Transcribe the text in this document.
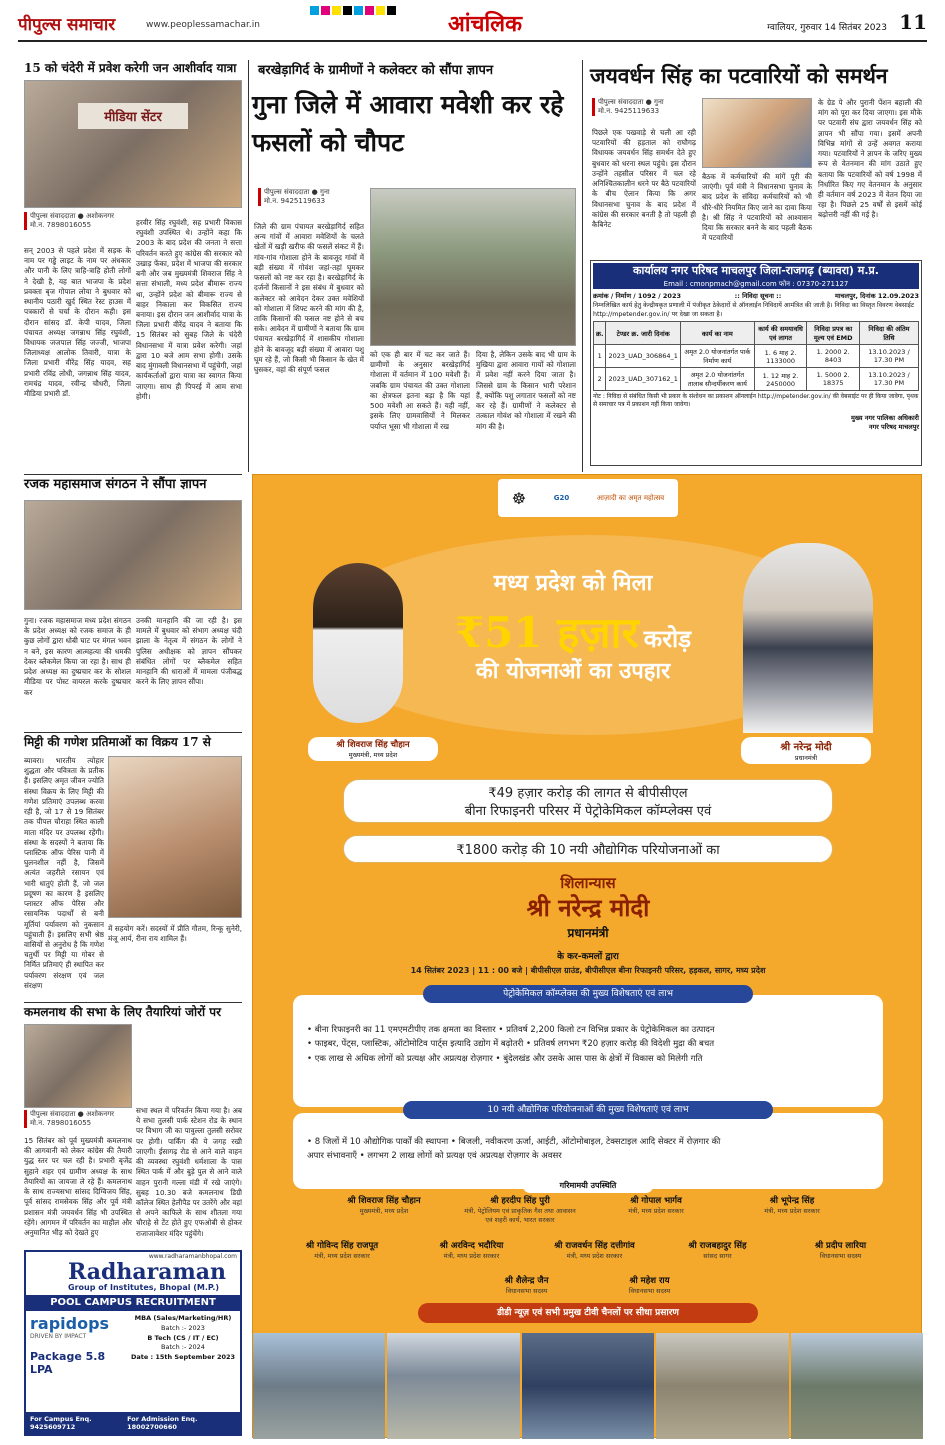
पीपुल्स समाचार	www.peoplessamachar.in	आंचलिक	ग्वालियर, गुरुवार 14 सितंबर 2023 11
15 को चंदेरी में प्रवेश करेगी जन आशीर्वाद यात्रा
मीडिया सेंटर
पीपुल्स संवाददाता ● अशोकनगर
मो.न. 7898016055
सन् 2003 से पहले प्रदेश में सड़क के नाम पर गड्ढे लाइट के नाम पर अंधकार और पानी के लिए त्राहि-त्राहि होती लोगों ने देखी है, यह बात भाजपा के प्रदेश प्रवक्ता बृज गोपाल लोया ने बुधवार को स्थानीय पठारी खुर्द स्थित रेस्ट हाउस में पत्रकारों से चर्चा के दौरान कही। इस दौरान सांसद डॉ. केपी यादव, जिला पंचायत अध्यक्ष जगन्नाथ सिंह रघुवंशी, विधायक जजपाल सिंह जज्जी, भाजपा जिलाध्यक्ष आलोक तिवारी, यात्रा के जिला प्रभारी वीरेंद्र सिंह यादव, सह प्रभारी रविंद्र लोधी, जगन्नाथ सिंह यादव, रामचंद्र यादव, रवीन्द्र चौधरी, जिला मीडिया प्रभारी डॉ.
हरवीर सिंह रघुवंशी, सह प्रभारी विकास रघुवंशी उपस्थित थे। उन्होंने कहा कि 2003 के बाद प्रदेश की जनता ने सत्ता परिवर्तन करते हुए कांग्रेस की सरकार को उखाड़ फेंका, प्रदेश में भाजपा की सरकार बनी और जब मुख्यमंत्री शिवराज सिंह ने सत्ता संभाली, मध्य प्रदेश बीमारू राज्य था, उन्होंने प्रदेश को बीमारू राज्य से बाहर निकाला कर विकसित राज्य बनाया। इस दौरान जन आशीर्वाद यात्रा के जिला प्रभारी वीरेंद्र यादव ने बताया कि 15 सितंबर को सुबह जिले के चंदेरी विधानसभा में यात्रा प्रवेश करेगी। जहां द्वारा 10 बजे आम सभा होगी। उसके बाद मुंगावली विधानसभा में पहुंचेगी, जहां कार्यकर्ताओं द्वारा यात्रा का स्वागत किया जाएगा। साथ ही पिपरई में आम सभा होगी।
रजक महासमाज संगठन ने सौंपा ज्ञापन
गुना। रजक महासमाज मध्य प्रदेश संगठन के प्रदेश अध्यक्ष को रजक समाज के ही कुछ लोगों द्वारा धोबी घाट पर मंगल भवन न बने, इस कारण आत्महत्या की धमकी देकर ब्लैकमेल किया जा रहा है। साथ ही प्रदेश अध्यक्ष का दुष्प्रचार कर के सोशल मीडिया पर पोस्ट वायरल करके दुष्प्रचार कर
उनकी मानहानि की जा रही है। इस मामले में बुधवार को संभाग अध्यक्ष चंदी झाला के नेतृत्व में संगठन के लोगों ने पुलिस अधीक्षक को ज्ञापन सौंपकर संबंधित लोगों पर ब्लैकमेल सहित मानहानि की धाराओं में मामला पंजीबद्ध करने के लिए ज्ञापन सौंपा।
मिट्टी की गणेश प्रतिमाओं का विक्रय 17 से
ब्यावरा। भारतीय त्योहार शुद्धता और पवित्रता के प्रतीक हैं। इसलिए अमृत जीवन ज्योति संस्था विक्रय के लिए मिट्टी की गणेश प्रतिमाएं उपलब्ध करवा रही है, जो 17 से 19 सितंबर तक पीपल चौराहा स्थित काली माता मंदिर पर उपलब्ध रहेंगी। संस्था के सदस्यों ने बताया कि प्लास्टिक ऑफ पेरिस पानी में घुलनशील नहीं है, जिसमें अत्यंत जहरीले रसायन एवं भारी धातुएं होती हैं, जो जल प्रदूषण का कारण है इसलिए प्लास्टर ऑफ पेरिस और रसायनिक पदार्थों से बनी मूर्तियां पर्यावरण को नुकसान पहुंचाती हैं। इसलिए सभी श्रेष्ठ वासियों से अनुरोध है कि गणेश चतुर्थी पर मिट्टी या गोबर से निर्मित प्रतिमाएं ही स्थापित कर पर्यावरण संरक्षण एवं जल संरक्षण
में सहयोग करें। सदस्यों में प्रीति गौतम, रिन्कू सुनेरी, मंजू आर्य, रीना राय शामिल हैं।
कमलनाथ की सभा के लिए तैयारियां जोरों पर
पीपुल्स संवाददाता ● अशोकनगर
मो.न. 7898016055
15 सितंबर को पूर्व मुख्यमंत्री कमलनाथ की आगवानी को लेकर कांग्रेस की तैयारी युद्ध स्तर पर चल रही है। प्रभारी बृजेंद्र सुहाने शहर एवं ग्रामीण अध्यक्ष के साथ तैयारियों का जायजा ले रहे हैं। कमलनाथ के साथ राज्यसभा सांसद दिग्विजय सिंह, पूर्व सांसद रामसेवक सिंह और पूर्व मंत्री प्रशासन मंत्री जयवर्धन सिंह भी उपस्थित रहेंगे। आगमन में परिवर्तन का माहौल और अनुमानित भीड़ को देखते हुए
सभा स्थल में परिवर्तन किया गया है। अब ये सभा तुलसी पार्क स्टेशन रोड के स्थान पर विभाग जी का पावुल्ला तुलसी सरोवर पर होगी। पार्किंग की ये जगह रखी जाएगी। ईसागढ़ रोड से आने वाले वाहन की व्यवस्था रघुवंशी धर्मशाला के पास स्थित पार्क में और बुड़े पुल से आने वाले वाहन पुरानी गल्ला मंडी में रखे जाएंगे। सुबह 10.30 बजे कमलनाथ डिग्री कॉलेज स्थित हेलीपैड पर उतरेंगे और वहां से अपने काफिले के साथ शीतला गया चौराहे से टेंट होते हुए एफओबी से होकर राजाजावेशर मंदिर पहुंचेंगे।
www.radharamanbhopal.com
Radharaman
Group of Institutes, Bhopal (M.P.)
POOL CAMPUS RECRUITMENT
rapidops
DRIVEN BY IMPACT
Package 5.8 LPA
MBA (Sales/Marketing/HR)
Batch :- 2023
B Tech (CS / IT / EC)
Batch :- 2024
Date : 15th September 2023
For Campus Enq. 9425609712
For Admission Enq. 18002700660
बरखेड़ागिर्द के ग्रामीणों ने कलेक्टर को सौंपा ज्ञापन
गुना जिले में आवारा मवेशी कर रहे फसलों को चौपट
पीपुल्स संवाददाता ● गुना
मो.न. 9425119633
जिले की ग्राम पंचायत बरखेड़ागिर्द सहित अन्य गांवों में आवारा मवेशियों के चलते खेतों में खड़ी खरीफ की फसलें संकट में हैं। गांव-गांव गोशाला होने के बावजूद गांवों में बड़ी संख्या में गोवंश जहां-तहां घूमकर फसलों को नष्ट कर रहा है। बरखेड़ागिर्द के दर्जनों किसानों ने इस संबंध में बुधवार को कलेक्टर को आवेदन देकर उक्त मवेशियों को गोशाला में शिफ्ट करने की मांग की है, ताकि किसानों की फसल नष्ट होने से बच सके। आवेदन में ग्रामीणों ने बताया कि ग्राम पंचायत बरखेड़ागिर्द में शासकीय गोशाला होने के बावजूद बड़ी संख्या में आवारा पशु घूम रहे हैं, जो किसी भी किसान के खेत में घुसकर, वहां की संपूर्ण फसल
को एक ही बार में चट कर जाते हैं। ग्रामीणों के अनुसार बरखेड़ागिर्द गोशाला में वर्तमान में 100 मवेशी हैं। जबकि ग्राम पंचायत की उक्त गोशाला का क्षेत्रफल इतना बड़ा है कि यहां 500 मवेशी आ सकते हैं। यही नहीं, इसके लिए ग्रामवासियों ने मिलकर पर्याप्त भूसा भी गोशाला में रख
दिया है, लेकिन उसके बाद भी ग्राम के मुखिया द्वारा आवारा गायों को गोशाला में प्रवेश नहीं करने दिया जाता है। जिससे ग्राम के किसान भारी परेशान हैं, क्योंकि पशु लगातार फसलों को नष्ट कर रहे हैं। ग्रामीणों ने कलेक्टर से तत्काल गोवंश को गोशाला में रखने की मांग की है।
जयवर्धन सिंह का पटवारियों को समर्थन
पीपुल्स संवाददाता ● गुना
मो.न. 9425119633
पिछले एक पखवाड़े से चली आ रही पटवारियों की हड़ताल को राघौगढ़ विधायक जयवर्धन सिंह समर्थन देते हुए बुधवार को धरना स्थल पहुंचे। इस दौरान उन्होंने तहसील परिसर में चल रहे अनिश्चितकालीन धरने पर बैठे पटवारियों के बीच ऐलान किया कि अगर विधानसभा चुनाव के बाद प्रदेश में कांग्रेस की सरकार बनती है तो पहली ही कैबिनेट
बैठक में कर्मचारियों की मांगें पूरी की जाएंगी। पूर्व मंत्री ने विधानसभा चुनाव के बाद प्रदेश के संविदा कर्मचारियों को भी धीरे-धीरे नियमित किए जाने का दावा किया है। श्री सिंह ने पटवारियों को आश्वासन दिया कि सरकार बनने के बाद पहली बैठक में पटवारियों
के ग्रेड पे और पुरानी पेंशन बहाली की मांग को पूरा कर दिया जाएगा। इस मौके पर पटवारी संघ द्वारा जयवर्धन सिंह को ज्ञापन भी सौंपा गया। इसमें अपनी विभिन्न मांगों से उन्हें अवगत कराया गया। पटवारियों ने ज्ञापन के जरिए मुख्य रूप से वेतनमान की मांग उठाते हुए बताया कि पटवारियों को वर्ष 1998 में निर्धारित किए गए वेतनमान के अनुसार ही वर्तमान वर्ष 2023 में वेतन दिया जा रहा है। पिछले 25 वर्षों से इसमें कोई बढ़ोत्तरी नहीं की गई है।
कार्यालय नगर परिषद माचलपुर जिला-राजगढ़ (ब्यावरा) म.प्र.
Email : cmonpmach@gmail.com फोन : 07370-271127
क्रमांक / निर्माण / 1092 / 2023	:: निविदा सूचना ::	माचलपुर, दिनांक 12.09.2023
निम्नलिखित कार्य हेतु केन्द्रीयकृत प्रणाली में पंजीकृत ठेकेदारों से ऑनलाईन निविदायें आमंत्रित की जाती है। निविदा का विस्तृत विवरण वेबसाईट http://mpetender.gov.in/ पर देखा जा सकता है।
क्र.	टेण्डर क्र. जारी दिनांक	कार्य का नाम	कार्य की समयावधि एवं लागत	निविदा प्रपत्र का मूल्य एवं EMD	निविदा की अंतिम तिथि
1	2023_UAD_306864_1	अमृत 2.0 योजनांतर्गत पार्क निर्माण कार्य	1. 6 माह 2. 1133000	1. 2000 2. 8403	13.10.2023 / 17.30 PM
2	2023_UAD_307162_1	अमृत 2.0 योजनांतर्गत तालाब सौन्दर्यीकरण कार्य	1. 12 माह 2. 2450000	1. 5000 2. 18375	13.10.2023 / 17.30 PM
नोट : निविदा से संबंधित किसी भी प्रकार के संशोधन का प्रकाशन ऑनलाईन http://mpetender.gov.in/ की वेबसाईट पर ही किया जावेगा, पृथक से समाचार पत्र में प्रकाशन नहीं किया जावेगा।
मुख्य नगर पालिका अधिकारी
नगर परिषद माचलपुर
☸	G20	आज़ादी का अमृत महोत्सव
मध्य प्रदेश को मिला
₹51 हज़ार करोड़
की योजनाओं का उपहार
श्री शिवराज सिंह चौहान
मुख्यमंत्री, मध्य प्रदेश
श्री नरेन्द्र मोदी
प्रधानमंत्री
₹49 हज़ार करोड़ की लागत से बीपीसीएल
बीना रिफाइनरी परिसर में पेट्रोकेमिकल कॉम्प्लेक्स एवं
₹1800 करोड़ की 10 नयी औद्योगिक परियोजनाओं का
शिलान्यास
श्री नरेन्द्र मोदी
प्रधानमंत्री
के कर-कमलों द्वारा
14 सितंबर 2023 | 11 : 00 बजे | बीपीसीएल ग्राउंड, बीपीसीएल बीना रिफाइनरी परिसर, हड़कल, सागर, मध्य प्रदेश
• बीना रिफाइनरी का 11 एमएमटीपीए तक क्षमता का विस्तार • प्रतिवर्ष 2,200 किलो टन विभिन्न प्रकार के पेट्रोकेमिकल का उत्पादन
• फाइबर, पेंट्स, प्लास्टिक, ऑटोमोटिव पार्ट्स इत्यादि उद्योग में बढ़ोतरी • प्रतिवर्ष लगभग ₹20 हज़ार करोड़ की विदेशी मुद्रा की बचत
• एक लाख से अधिक लोगों को प्रत्यक्ष और अप्रत्यक्ष रोज़गार • बुंदेलखंड और उसके आस पास के क्षेत्रों में विकास को मिलेगी गति
पेट्रोकेमिकल कॉम्प्लेक्स की मुख्य विशेषताएं एवं लाभ
• 8 जिलों में 10 औद्योगिक पार्कों की स्थापना • बिजली, नवीकरण ऊर्जा, आईटी, ऑटोमोबाइल, टेक्सटाइल आदि सेक्टर में रोज़गार की
अपार संभावनाएँ • लगभग 2 लाख लोगों को प्रत्यक्ष एवं अप्रत्यक्ष रोज़गार के अवसर
10 नयी औद्योगिक परियोजनाओं की मुख्य विशेषताएं एवं लाभ
गरिमामयी उपस्थिति
श्री शिवराज सिंह चौहान
मुख्यमंत्री, मध्य प्रदेश
श्री हरदीप सिंह पुरी
मंत्री, पेट्रोलियम एवं प्राकृतिक गैस तथा आवासन एवं शहरी कार्य, भारत सरकार
श्री गोपाल भार्गव
मंत्री, मध्य प्रदेश सरकार
श्री भूपेन्द्र सिंह
मंत्री, मध्य प्रदेश सरकार
श्री गोविन्द सिंह राजपूत
मंत्री, मध्य प्रदेश सरकार
श्री अरविन्द भदौरिया
मंत्री, मध्य प्रदेश सरकार
श्री राजवर्धन सिंह दत्तीगांव
मंत्री, मध्य प्रदेश सरकार
श्री राजबहादुर सिंह
सांसद सागर
श्री प्रदीप लारिया
विधानसभा सदस्य
श्री शैलेन्द्र जैन
विधानसभा सदस्य
श्री महेश राय
विधानसभा सदस्य
डीडी न्यूज़ एवं सभी प्रमुख टीवी चैनलों पर सीधा प्रसारण
